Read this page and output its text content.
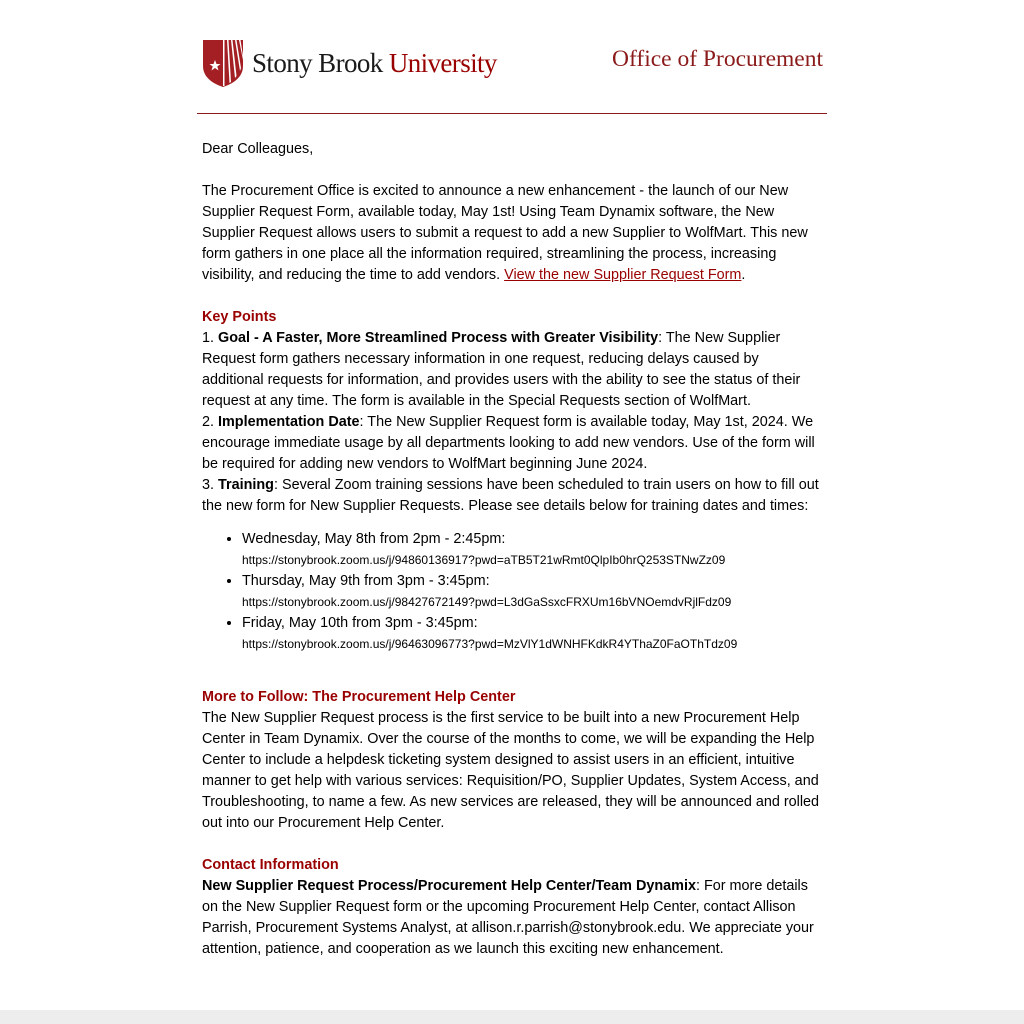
Stony Brook University	Office of Procurement

Dear Colleagues,

The Procurement Office is excited to announce a new enhancement - the launch of our New Supplier Request Form, available today, May 1st! Using Team Dynamix software, the New Supplier Request allows users to submit a request to add a new Supplier to WolfMart. This new form gathers in one place all the information required, streamlining the process, increasing visibility, and reducing the time to add vendors. View the new Supplier Request Form.

Key Points
1. Goal - A Faster, More Streamlined Process with Greater Visibility: The New Supplier Request form gathers necessary information in one request, reducing delays caused by additional requests for information, and provides users with the ability to see the status of their request at any time. The form is available in the Special Requests section of WolfMart.
2. Implementation Date: The New Supplier Request form is available today, May 1st, 2024. We encourage immediate usage by all departments looking to add new vendors. Use of the form will be required for adding new vendors to WolfMart beginning June 2024.
3. Training: Several Zoom training sessions have been scheduled to train users on how to fill out the new form for New Supplier Requests. Please see details below for training dates and times:
• Wednesday, May 8th from 2pm - 2:45pm:
https://stonybrook.zoom.us/j/94860136917?pwd=aTB5T21wRmt0QlpIb0hrQ253STNwZz09
• Thursday, May 9th from 3pm - 3:45pm:
https://stonybrook.zoom.us/j/98427672149?pwd=L3dGaSsxcFRXUm16bVNOemdvRjlFdz09
• Friday, May 10th from 3pm - 3:45pm:
https://stonybrook.zoom.us/j/96463096773?pwd=MzVlY1dWNHFKdkR4YThaZ0FaOThTdz09
More to Follow: The Procurement Help Center

The New Supplier Request process is the first service to be built into a new Procurement Help Center in Team Dynamix. Over the course of the months to come, we will be expanding the Help Center to include a helpdesk ticketing system designed to assist users in an efficient, intuitive manner to get help with various services: Requisition/PO, Supplier Updates, System Access, and Troubleshooting, to name a few. As new services are released, they will be announced and rolled out into our Procurement Help Center.

Contact Information

New Supplier Request Process/Procurement Help Center/Team Dynamix: For more details on the New Supplier Request form or the upcoming Procurement Help Center, contact Allison Parrish, Procurement Systems Analyst, at allison.r.parrish@stonybrook.edu. We appreciate your attention, patience, and cooperation as we launch this exciting new enhancement.
